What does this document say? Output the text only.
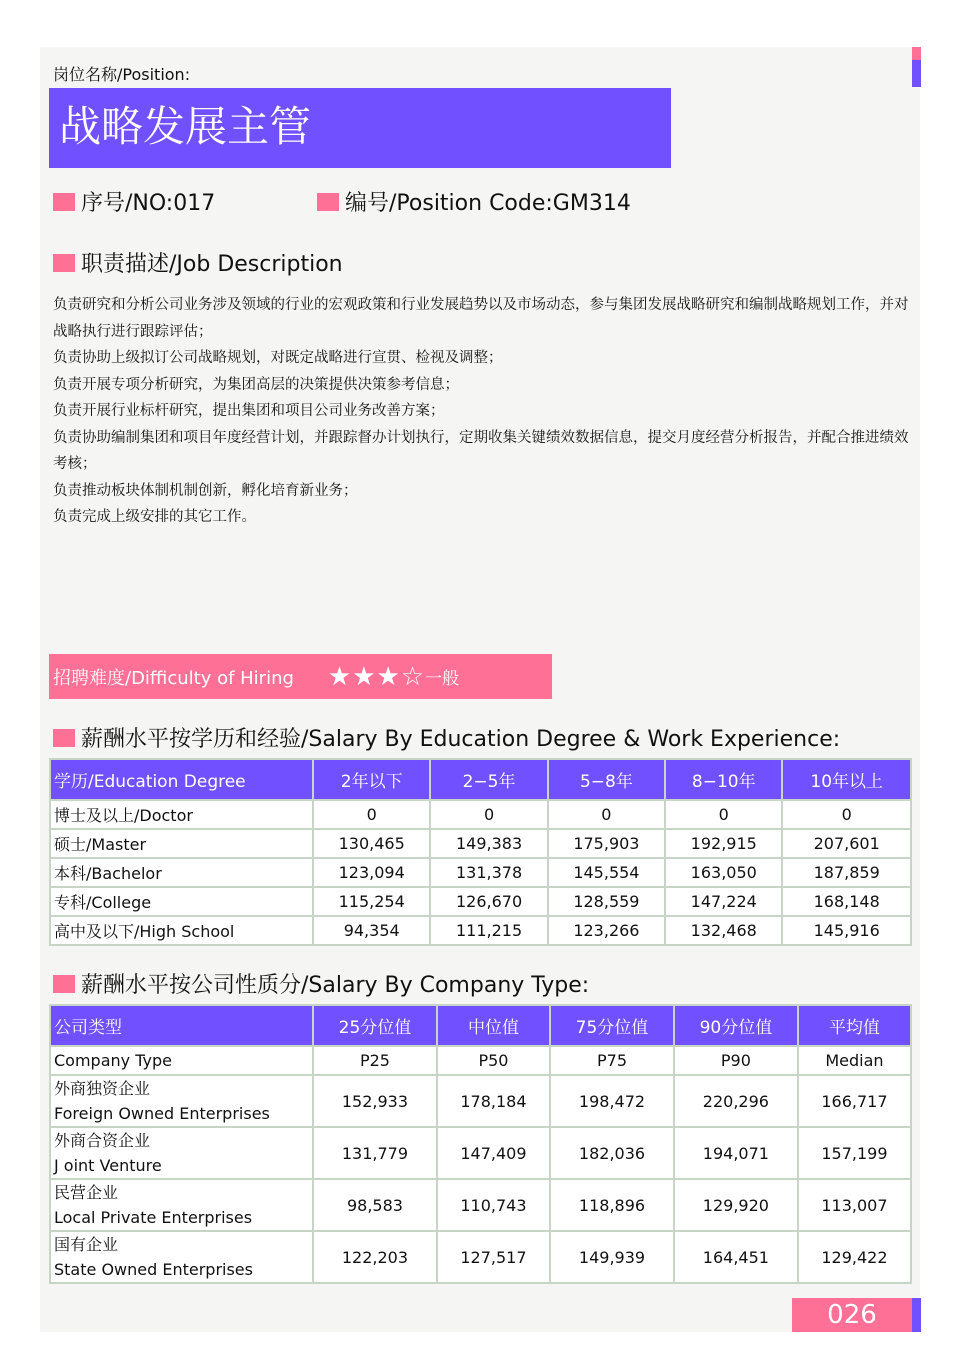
岗位名称/Position:
战略发展主管
序号/NO:017	编号/Position Code:GM314
职责描述/Job Description
负责研究和分析公司业务涉及领域的行业的宏观政策和行业发展趋势以及市场动态，参与集团发展战略研究和编制战略规划工作，并对战略执行进行跟踪评估；
负责协助上级拟订公司战略规划，对既定战略进行宣贯、检视及调整；
负责开展专项分析研究，为集团高层的决策提供决策参考信息；
负责开展行业标杆研究，提出集团和项目公司业务改善方案；
负责协助编制集团和项目年度经营计划，并跟踪督办计划执行，定期收集关键绩效数据信息，提交月度经营分析报告，并配合推进绩效考核；
负责推动板块体制机制创新，孵化培育新业务；
负责完成上级安排的其它工作。
招聘难度/Difficulty of Hiring ★★★☆ 一般
薪酬水平按学历和经验/Salary By Education Degree & Work Experience:
学历/Education Degree	2年以下	2−5年	5−8年	8−10年	10年以上
博士及以上/Doctor	0	0	0	0	0
硕士/Master	130,465	149,383	175,903	192,915	207,601
本科/Bachelor	123,094	131,378	145,554	163,050	187,859
专科/College	115,254	126,670	128,559	147,224	168,148
高中及以下/High School	94,354	111,215	123,266	132,468	145,916
薪酬水平按公司性质分/Salary By Company Type:
公司类型	25分位值	中位值	75分位值	90分位值	平均值
Company Type	P25	P50	P75	P90	Median

外商独资企业
Foreign Owned Enterprises	152,933	178,184	198,472	220,296	166,717

外商合资企业
J oint Venture	131,779	147,409	182,036	194,071	157,199

民营企业
Local Private Enterprises	98,583	110,743	118,896	129,920	113,007

国有企业
State Owned Enterprises	122,203	127,517	149,939	164,451	129,422
026
